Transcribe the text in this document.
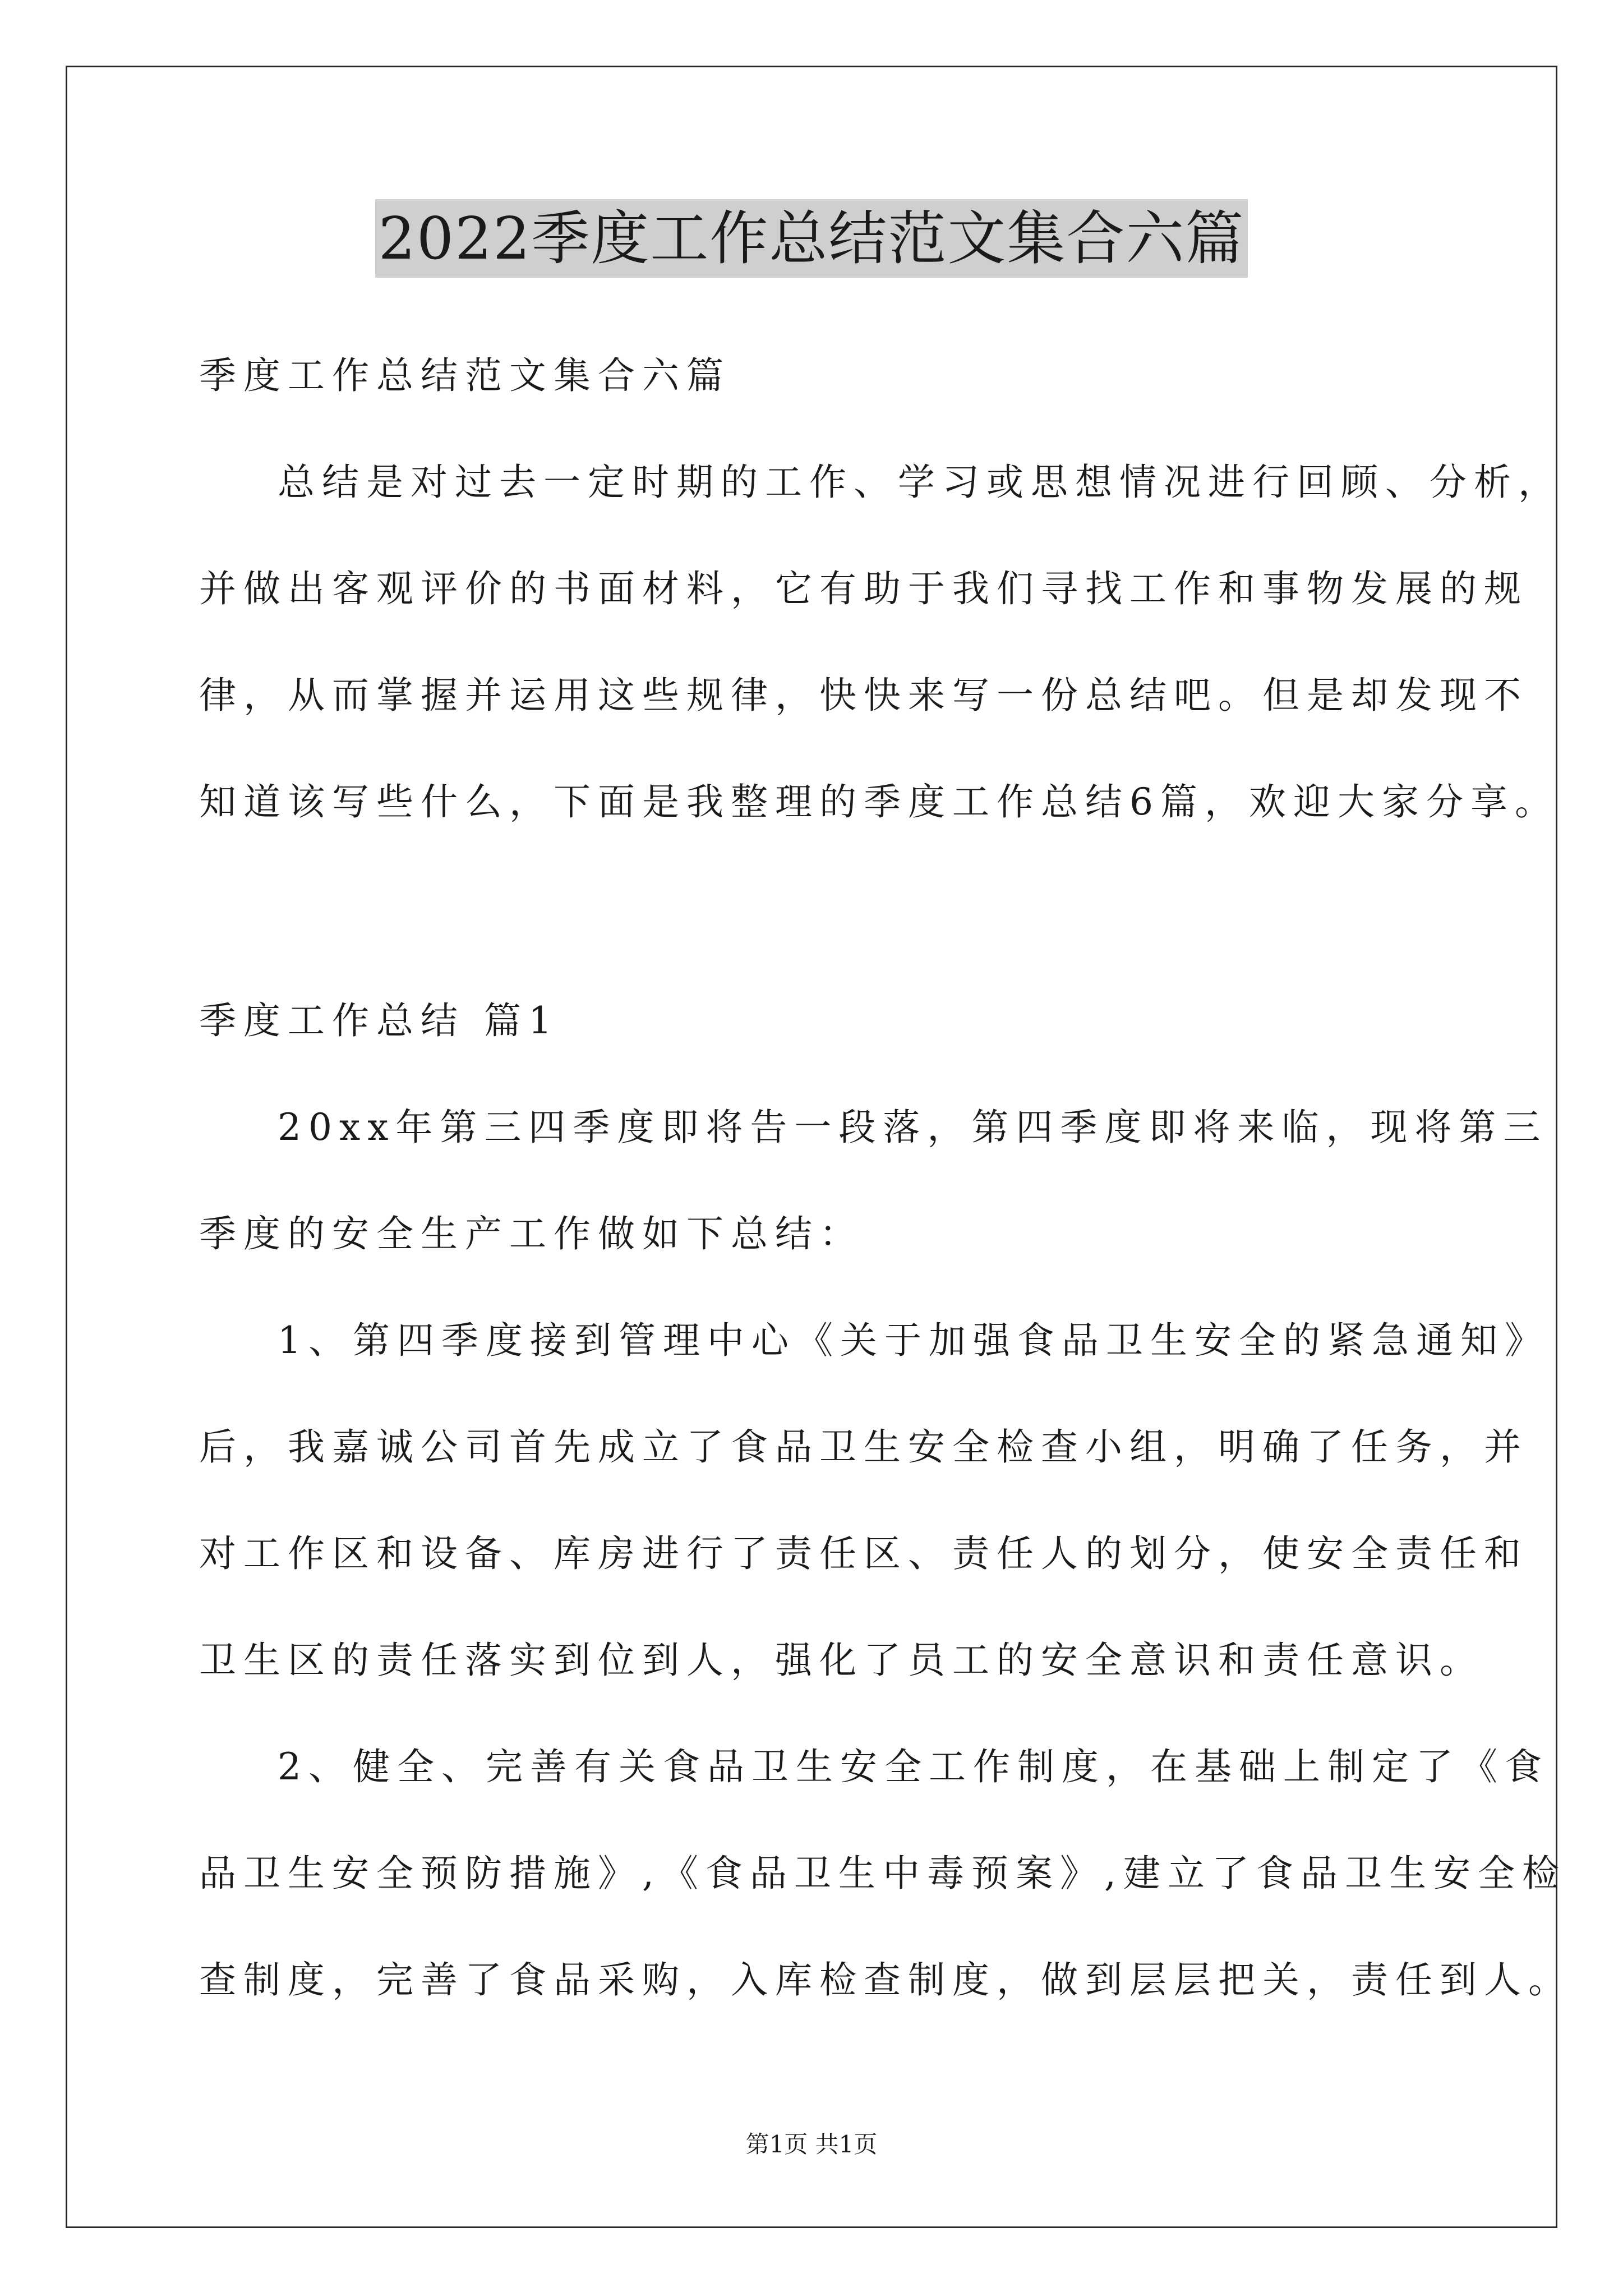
2022季度工作总结范文集合六篇
季度工作总结范文集合六篇
总结是对过去一定时期的工作、学习或思想情况进行回顾、分析，
并做出客观评价的书面材料，它有助于我们寻找工作和事物发展的规
律，从而掌握并运用这些规律，快快来写一份总结吧。但是却发现不
知道该写些什么，下面是我整理的季度工作总结6篇，欢迎大家分享。
季度工作总结 篇1
20xx年第三四季度即将告一段落，第四季度即将来临，现将第三
季度的安全生产工作做如下总结：
1、第四季度接到管理中心《关于加强食品卫生安全的紧急通知》
后，我嘉诚公司首先成立了食品卫生安全检查小组，明确了任务，并
对工作区和设备、库房进行了责任区、责任人的划分，使安全责任和
卫生区的责任落实到位到人，强化了员工的安全意识和责任意识。
2、健全、完善有关食品卫生安全工作制度，在基础上制定了《食
品卫生安全预防措施》,《食品卫生中毒预案》,建立了食品卫生安全检
查制度，完善了食品采购，入库检查制度，做到层层把关，责任到人。
第1页 共1页
